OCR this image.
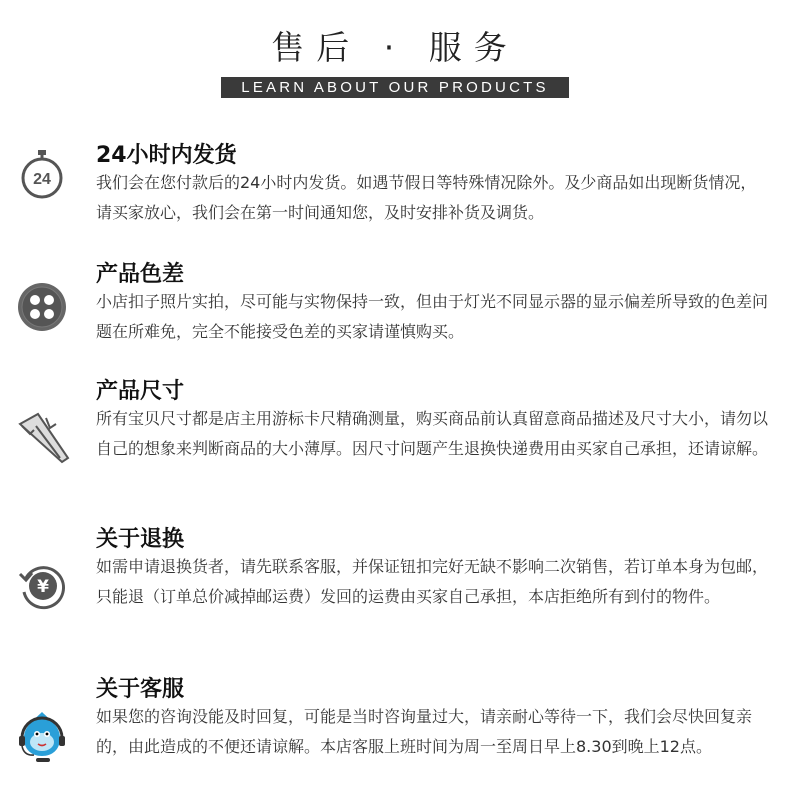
售后 · 服务
LEARN ABOUT OUR PRODUCTS
24
24小时内发货
我们会在您付款后的24小时内发货。如遇节假日等特殊情况除外。及少商品如出现断货情况，请买家放心，我们会在第一时间通知您，及时安排补货及调货。
产品色差
小店扣子照片实拍，尽可能与实物保持一致，但由于灯光不同显示器的显示偏差所导致的色差问题在所难免，完全不能接受色差的买家请谨慎购买。
产品尺寸
所有宝贝尺寸都是店主用游标卡尺精确测量，购买商品前认真留意商品描述及尺寸大小，请勿以自己的想象来判断商品的大小薄厚。因尺寸问题产生退换快递费用由买家自己承担，还请谅解。
¥
关于退换
如需申请退换货者，请先联系客服，并保证钮扣完好无缺不影响二次销售，若订单本身为包邮，只能退（订单总价减掉邮运费）发回的运费由买家自己承担，本店拒绝所有到付的物件。
关于客服
如果您的咨询没能及时回复，可能是当时咨询量过大，请亲耐心等待一下，我们会尽快回复亲的，由此造成的不便还请谅解。本店客服上班时间为周一至周日早上8.30到晚上12点。
